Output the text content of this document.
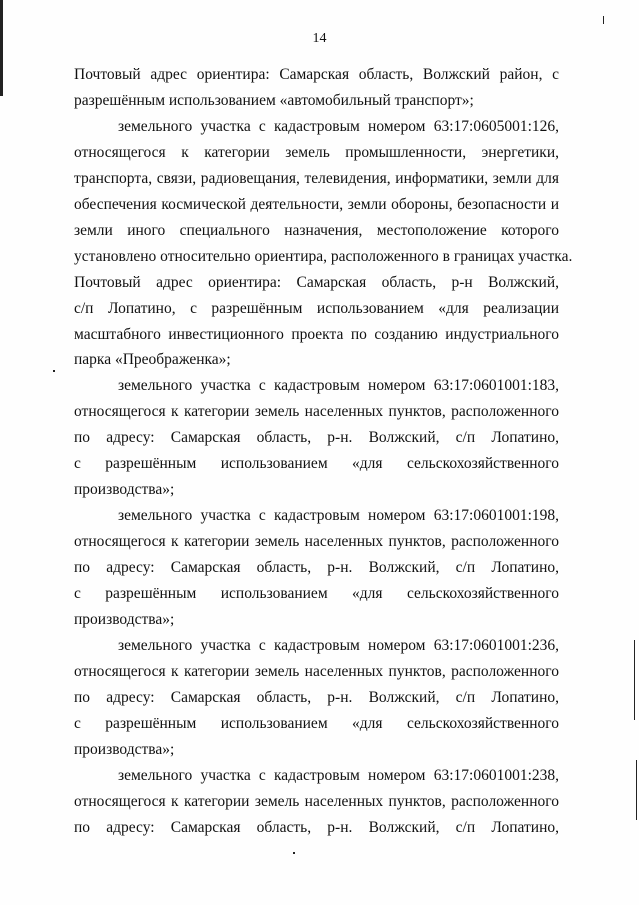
14
Почтовый адрес ориентира: Самарская область, Волжский район, с
разрешённым использованием «автомобильный транспорт»;
земельного участка с кадастровым номером 63:17:0605001:126,
относящегося к категории земель промышленности, энергетики,
транспорта, связи, радиовещания, телевидения, информатики, земли для
обеспечения космической деятельности, земли обороны, безопасности и
земли иного специального назначения, местоположение которого
установлено относительно ориентира, расположенного в границах участка.
Почтовый адрес ориентира: Самарская область, р-н Волжский,
с/п Лопатино, с разрешённым использованием «для реализации
масштабного инвестиционного проекта по созданию индустриального
парка «Преображенка»;
земельного участка с кадастровым номером 63:17:0601001:183,
относящегося к категории земель населенных пунктов, расположенного
по адресу: Самарская область, р-н. Волжский, с/п Лопатино,
с разрешённым использованием «для сельскохозяйственного
производства»;
земельного участка с кадастровым номером 63:17:0601001:198,
относящегося к категории земель населенных пунктов, расположенного
по адресу: Самарская область, р-н. Волжский, с/п Лопатино,
с разрешённым использованием «для сельскохозяйственного
производства»;
земельного участка с кадастровым номером 63:17:0601001:236,
относящегося к категории земель населенных пунктов, расположенного
по адресу: Самарская область, р-н. Волжский, с/п Лопатино,
с разрешённым использованием «для сельскохозяйственного
производства»;
земельного участка с кадастровым номером 63:17:0601001:238,
относящегося к категории земель населенных пунктов, расположенного
по адресу: Самарская область, р-н. Волжский, с/п Лопатино,
